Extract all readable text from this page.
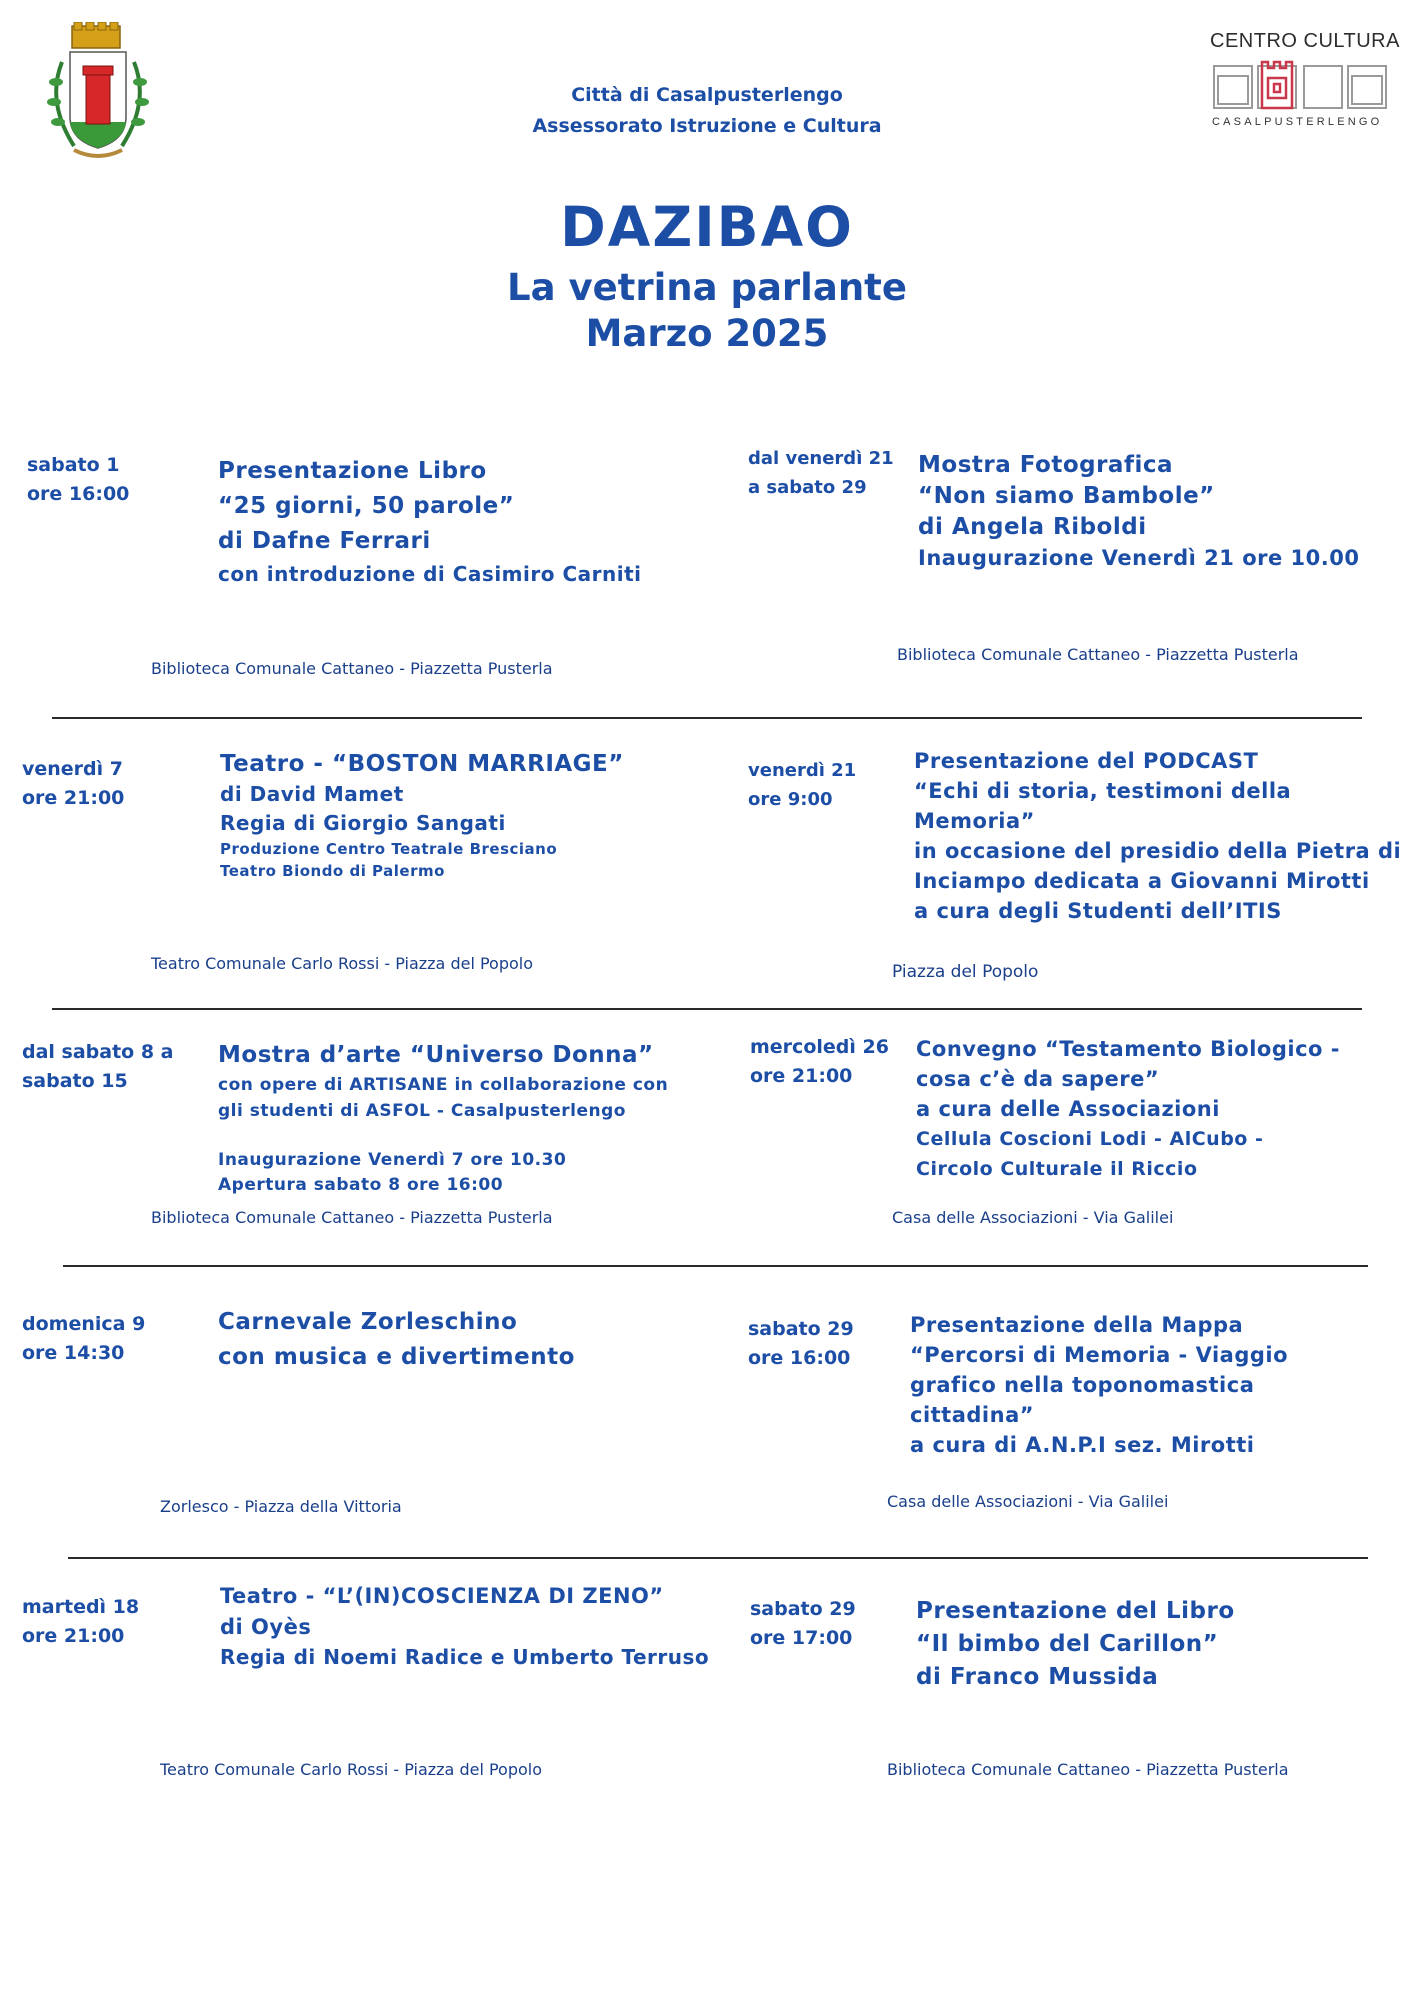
CENTRO CULTURA
CASALPUSTERLENGO
Città di Casalpusterlengo
Assessorato Istruzione e Cultura
DAZIBAO
La vetrina parlante
Marzo 2025
sabato 1
ore 16:00
Presentazione Libro
“25 giorni, 50 parole”
di Dafne Ferrari
con introduzione di Casimiro Carniti
Biblioteca Comunale Cattaneo - Piazzetta Pusterla
dal venerdì 21
a sabato 29
Mostra Fotografica
“Non siamo Bambole”
di Angela Riboldi
Inaugurazione Venerdì 21 ore 10.00
Biblioteca Comunale Cattaneo - Piazzetta Pusterla
venerdì 7
ore 21:00
Teatro - “BOSTON MARRIAGE”
di David Mamet
Regia di Giorgio Sangati
Produzione Centro Teatrale Bresciano
Teatro Biondo di Palermo
Teatro Comunale Carlo Rossi - Piazza del Popolo
venerdì 21
ore 9:00
Presentazione del PODCAST
“Echi di storia, testimoni della
Memoria”
in occasione del presidio della Pietra di
Inciampo dedicata a Giovanni Mirotti
a cura degli Studenti dell’ITIS
Piazza del Popolo
dal sabato 8 a
sabato 15
Mostra d’arte “Universo Donna”
con opere di ARTISANE in collaborazione con
gli studenti di ASFOL - Casalpusterlengo
Inaugurazione Venerdì 7 ore 10.30
Apertura sabato 8 ore 16:00
Biblioteca Comunale Cattaneo - Piazzetta Pusterla
mercoledì 26
ore 21:00
Convegno “Testamento Biologico -
cosa c’è da sapere”
a cura delle Associazioni
Cellula Coscioni Lodi - AlCubo -
Circolo Culturale il Riccio
Casa delle Associazioni - Via Galilei
domenica 9
ore 14:30
Carnevale Zorleschino
con musica e divertimento
Zorlesco - Piazza della Vittoria
sabato 29
ore 16:00
Presentazione della Mappa
“Percorsi di Memoria - Viaggio
grafico nella toponomastica
cittadina”
a cura di A.N.P.I sez. Mirotti
Casa delle Associazioni - Via Galilei
martedì 18
ore 21:00
Teatro - “L’(IN)COSCIENZA DI ZENO”
di Oyès
Regia di Noemi Radice e Umberto Terruso
Teatro Comunale Carlo Rossi - Piazza del Popolo
sabato 29
ore 17:00
Presentazione del Libro
“Il bimbo del Carillon”
di Franco Mussida
Biblioteca Comunale Cattaneo - Piazzetta Pusterla
